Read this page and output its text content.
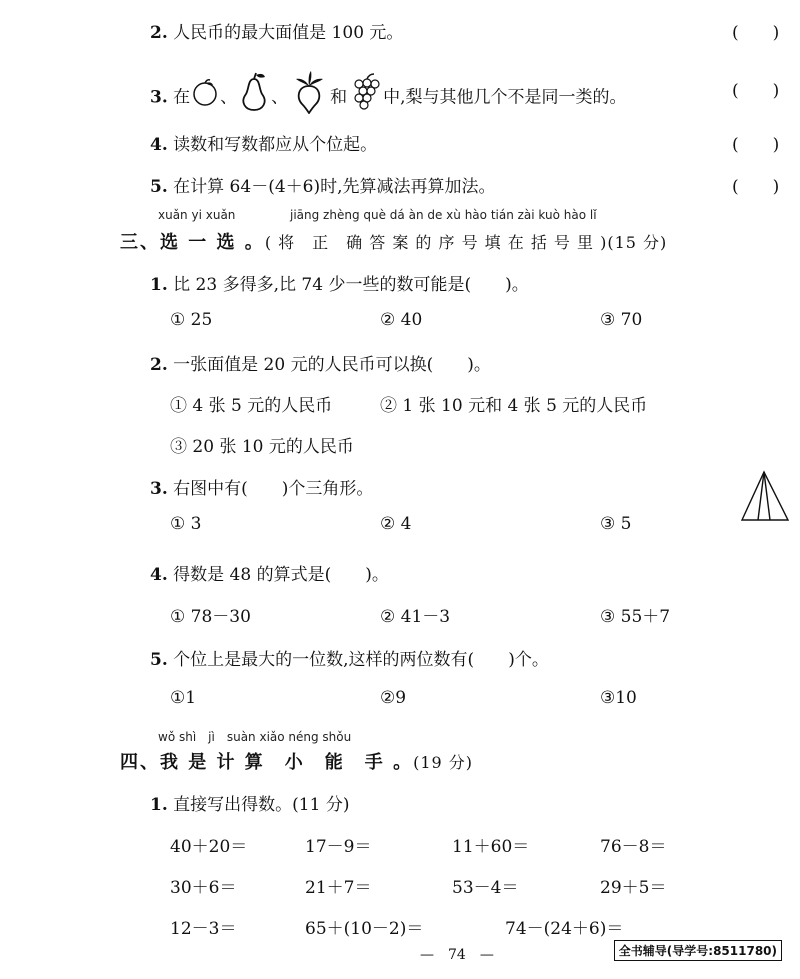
2. 人民币的最大面值是 100 元。	(　　)
3. 在 、 、 和 中,梨与其他几个不是同一类的。	(　　)
4. 读数和写数都应从个位起。	(　　)
5. 在计算 64－(4＋6)时,先算减法再算加法。	(　　)
xuǎn yi xuǎn	jiāng zhèng què dá àn de xù hào tián zài kuò hào lǐ
三、选 一 选 。( 将　正　确 答 案 的 序 号 填 在 括 号 里 )(15 分)
1. 比 23 多得多,比 74 少一些的数可能是(　　)。
① 25	② 40	③ 70
2. 一张面值是 20 元的人民币可以换(　　)。
① 4 张 5 元的人民币	② 1 张 10 元和 4 张 5 元的人民币
③ 20 张 10 元的人民币
3. 右图中有(　　)个三角形。
① 3	② 4	③ 5
4. 得数是 48 的算式是(　　)。
① 78－30	② 41－3	③ 55＋7
5. 个位上是最大的一位数,这样的两位数有(　　)个。
①1	②9	③10
wǒ shì　jì　suàn xiǎo néng shǒu
四、我 是 计 算　小　能　手 。(19 分)
1. 直接写出得数。(11 分)
40＋20＝	17－9＝	11＋60＝	76－8＝
30＋6＝	21＋7＝	53－4＝	29＋5＝
12－3＝	65＋(10－2)＝	74－(24＋6)＝
—　74　—	全书辅导(导学号:8511780)
